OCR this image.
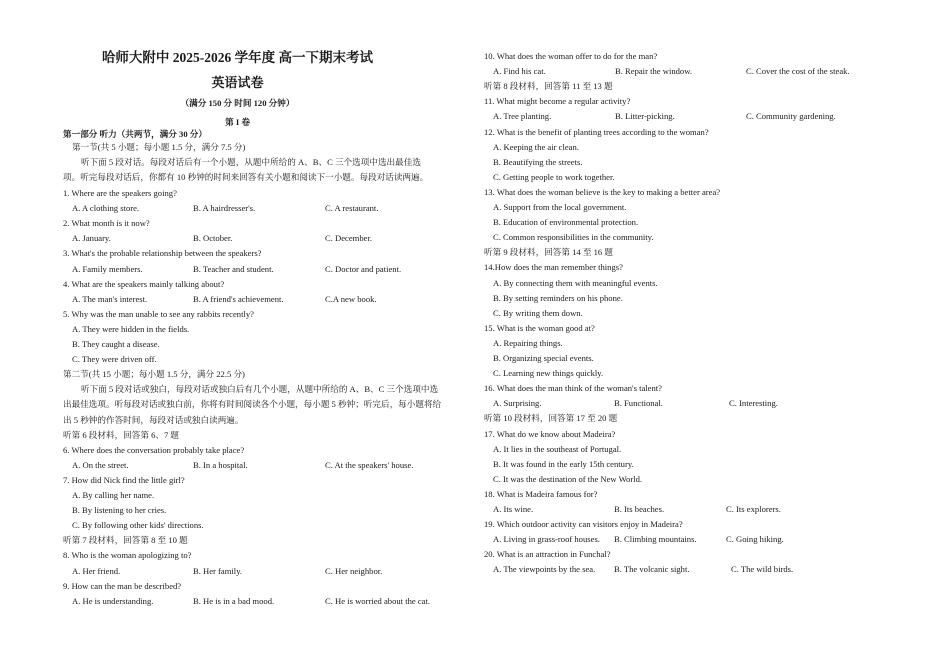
哈师大附中 2025-2026 学年度 高一下期末考试
英语试卷
（满分 150 分 时间 120 分钟）
第 I 卷
第一部分 听力（共两节，满分 30 分）
第一节(共 5 小题；每小题 1.5 分，满分 7.5 分)
听下面 5 段对话。每段对话后有一个小题，从题中所给的 A、B、C 三个选项中选出最佳选
项。听完每段对话后，你都有 10 秒钟的时间来回答有关小题和阅读下一小题。每段对话读两遍。
1. Where are the speakers going?
A. A clothing store.	B. A hairdresser's.	C. A restaurant.
2. What month is it now?
A. January.	B. October.	C. December.
3. What's the probable relationship between the speakers?
A. Family members.	B. Teacher and student.	C. Doctor and patient.
4. What are the speakers mainly talking about?
A. The man's interest.	B. A friend's achievement.	C.A new book.
5. Why was the man unable to see any rabbits recently?
A. They were hidden in the fields.
B. They caught a disease.
C. They were driven off.
第二节(共 15 小题；每小题 1.5 分，满分 22.5 分)
听下面 5 段对话或独白，每段对话或独白后有几个小题，从题中所给的 A、B、C 三个选项中选
出最佳选项。听每段对话或独白前，你将有时间阅读各个小题，每小题 5 秒钟；听完后，每小题将给
出 5 秒钟的作答时间，每段对话或独白读两遍。
听第 6 段材料，回答第 6、7 题
6. Where does the conversation probably take place?
A. On the street.	B. In a hospital.	C. At the speakers' house.
7. How did Nick find the little girl?
A. By calling her name.
B. By listening to her cries.
C. By following other kids' directions.
听第 7 段材料，回答第 8 至 10 题
8. Who is the woman apologizing to?
A. Her friend.	B. Her family.	C. Her neighbor.
9. How can the man be described?
A. He is understanding.	B. He is in a bad mood.	C. He is worried about the cat.
10. What does the woman offer to do for the man?
A. Find his cat.	B. Repair the window.	C. Cover the cost of the steak.
听第 8 段材料，回答第 11 至 13 题
11. What might become a regular activity?
A. Tree planting.	B. Litter-picking.	C. Community gardening.
12. What is the benefit of planting trees according to the woman?
A. Keeping the air clean.
B. Beautifying the streets.
C. Getting people to work together.
13. What does the woman believe is the key to making a better area?
A. Support from the local government.
B. Education of environmental protection.
C. Common responsibilities in the community.
听第 9 段材料，回答第 14 至 16 题
14.How does the man remember things?
A. By connecting them with meaningful events.
B. By setting reminders on his phone.
C. By writing them down.
15. What is the woman good at?
A. Repairing things.
B. Organizing special events.
C. Learning new things quickly.
16. What does the man think of the woman's talent?
A. Surprising.	B. Functional.	C. Interesting.
听第 10 段材料，回答第 17 至 20 题
17. What do we know about Madeira?
A. It lies in the southeast of Portugal.
B. It was found in the early 15th century.
C. It was the destination of the New World.
18. What is Madeira famous for?
A. Its wine.	B. Its beaches.	C. Its explorers.
19. Which outdoor activity can visitors enjoy in Madeira?
A. Living in grass-roof houses. B. Climbing mountains.	C. Going hiking.
20. What is an attraction in Funchal?
A. The viewpoints by the sea. B. The volcanic sight.	C. The wild birds.
